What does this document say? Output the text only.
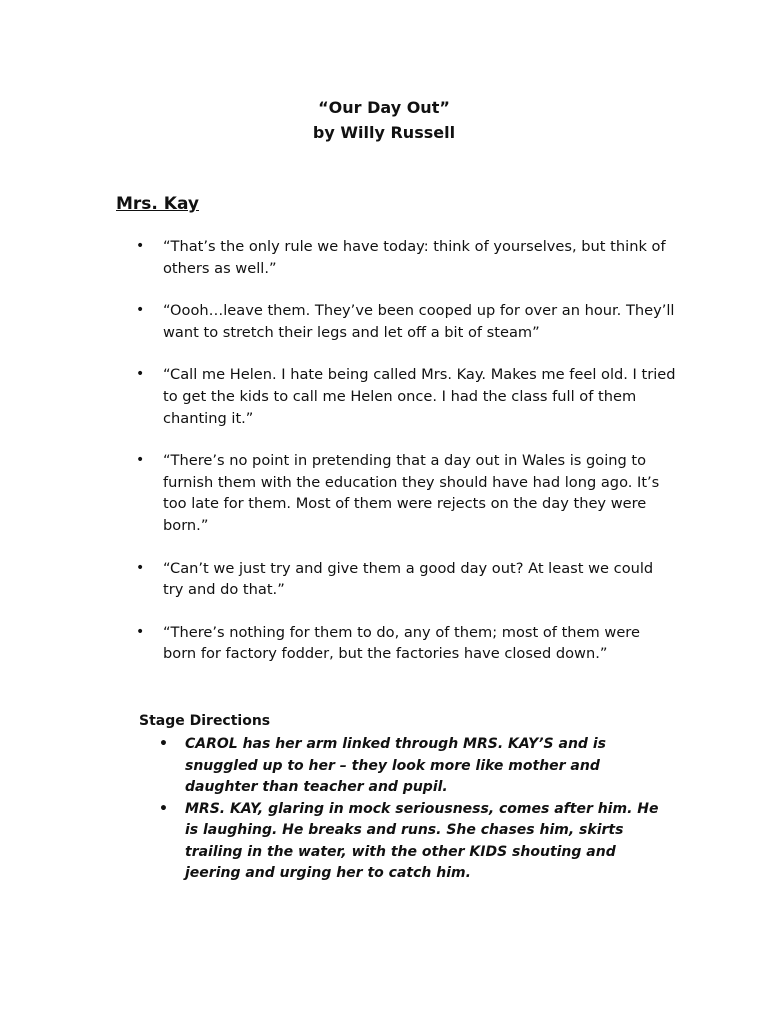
“Our Day Out”
by Willy Russell
Mrs. Kay
• “That’s the only rule we have today: think of yourselves, but think of others as well.”
• “Oooh…leave them. They’ve been cooped up for over an hour. They’ll want to stretch their legs and let off a bit of steam”
• “Call me Helen. I hate being called Mrs. Kay. Makes me feel old. I tried to get the kids to call me Helen once. I had the class full of them chanting it.”
• “There’s no point in pretending that a day out in Wales is going to furnish them with the education they should have had long ago. It’s too late for them. Most of them were rejects on the day they were born.”
• “Can’t we just try and give them a good day out? At least we could try and do that.”
• “There’s nothing for them to do, any of them; most of them were born for factory fodder, but the factories have closed down.”
Stage Directions
• CAROL has her arm linked through MRS. KAY’S and is snuggled up to her – they look more like mother and daughter than teacher and pupil.
• MRS. KAY, glaring in mock seriousness, comes after him. He is laughing. He breaks and runs. She chases him, skirts trailing in the water, with the other KIDS shouting and jeering and urging her to catch him.
